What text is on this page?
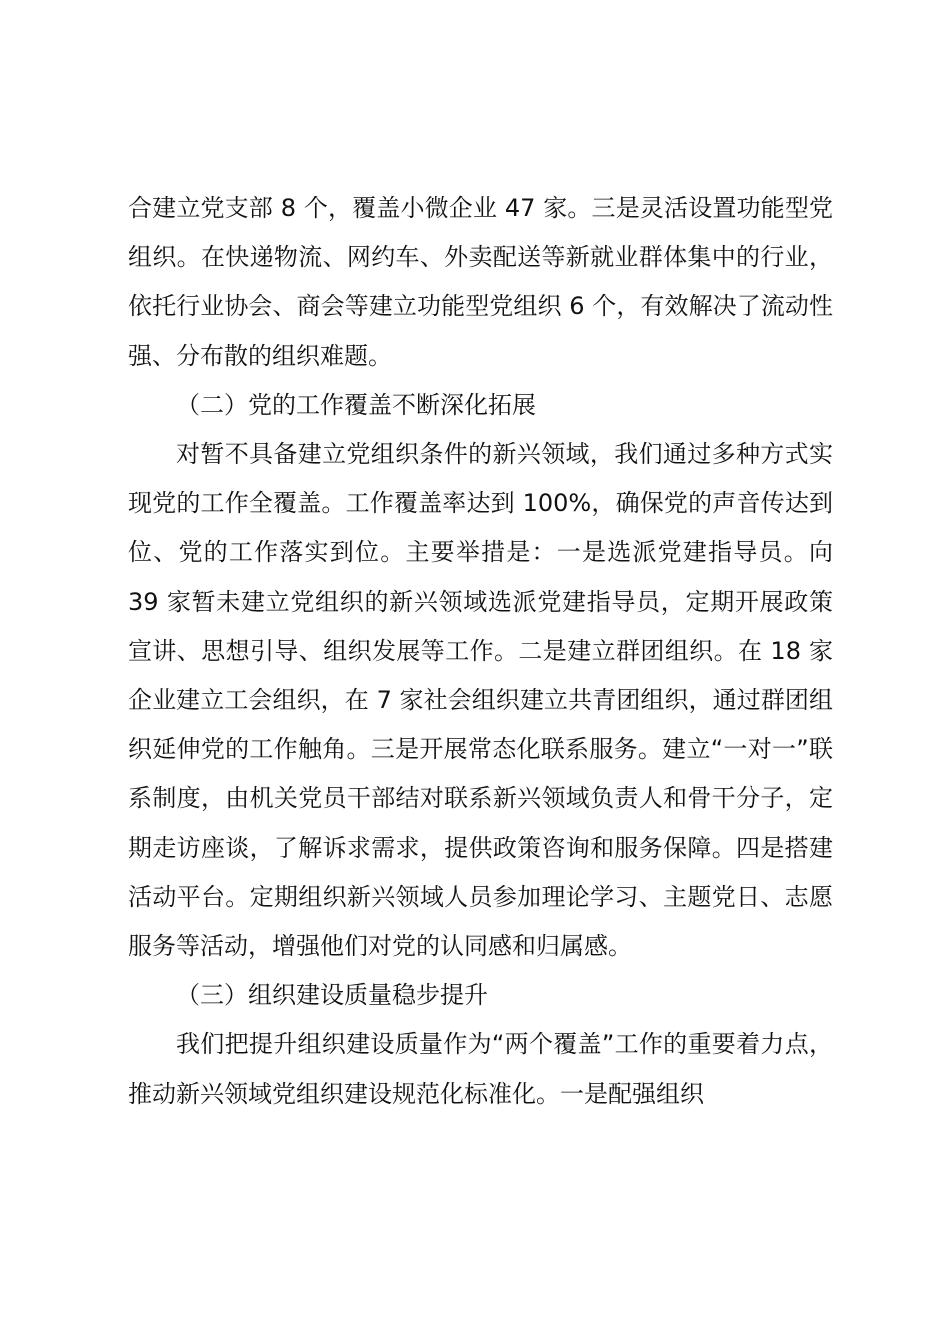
合建立党支部 8 个，覆盖小微企业 47 家。三是灵活设置功能型党组织。在快递物流、网约车、外卖配送等新就业群体集中的行业，依托行业协会、商会等建立功能型党组织 6 个，有效解决了流动性强、分布散的组织难题。

（二）党的工作覆盖不断深化拓展

对暂不具备建立党组织条件的新兴领域，我们通过多种方式实现党的工作全覆盖。工作覆盖率达到 100%，确保党的声音传达到位、党的工作落实到位。主要举措是：一是选派党建指导员。向 39 家暂未建立党组织的新兴领域选派党建指导员，定期开展政策宣讲、思想引导、组织发展等工作。二是建立群团组织。在 18 家企业建立工会组织，在 7 家社会组织建立共青团组织，通过群团组织延伸党的工作触角。三是开展常态化联系服务。建立“一对一”联系制度，由机关党员干部结对联系新兴领域负责人和骨干分子，定期走访座谈，了解诉求需求，提供政策咨询和服务保障。四是搭建活动平台。定期组织新兴领域人员参加理论学习、主题党日、志愿服务等活动，增强他们对党的认同感和归属感。

（三）组织建设质量稳步提升

我们把提升组织建设质量作为“两个覆盖”工作的重要着力点，推动新兴领域党组织建设规范化标准化。一是配强组织
